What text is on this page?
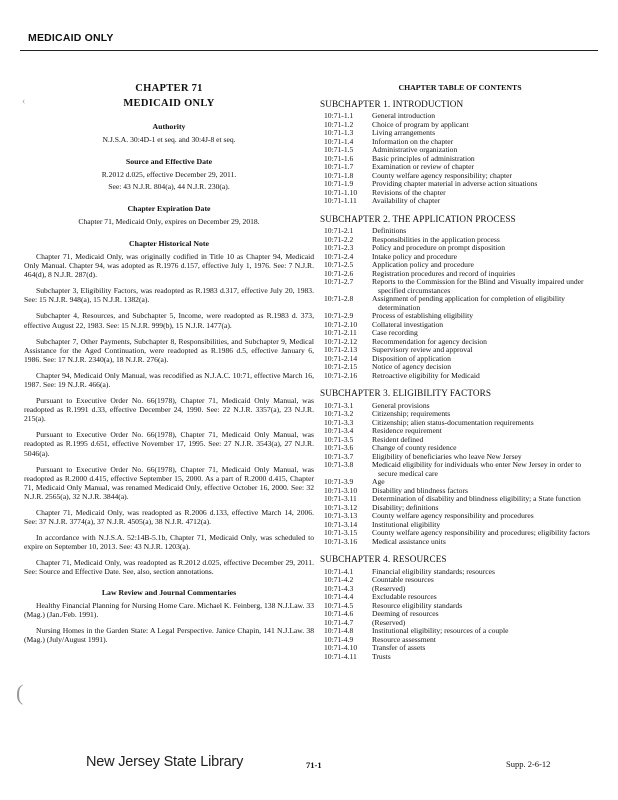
MEDICAID ONLY
‹
(
CHAPTER 71
MEDICAID ONLY
Authority
N.J.S.A. 30:4D-1 et seq. and 30:4J-8 et seq.
Source and Effective Date
R.2012 d.025, effective December 29, 2011.
See: 43 N.J.R. 804(a), 44 N.J.R. 230(a).
Chapter Expiration Date
Chapter 71, Medicaid Only, expires on December 29, 2018.
Chapter Historical Note
Chapter 71, Medicaid Only, was originally codified in Title 10 as Chapter 94, Medicaid Only Manual. Chapter 94, was adopted as R.1976 d.157, effective July 1, 1976. See: 7 N.J.R. 464(d), 8 N.J.R. 287(d).
Subchapter 3, Eligibility Factors, was readopted as R.1983 d.317, effective July 20, 1983. See: 15 N.J.R. 948(a), 15 N.J.R. 1382(a).
Subchapter 4, Resources, and Subchapter 5, Income, were readopted as R.1983 d. 373, effective August 22, 1983. See: 15 N.J.R. 999(b), 15 N.J.R. 1477(a).
Subchapter 7, Other Payments, Subchapter 8, Responsibilities, and Subchapter 9, Medical Assistance for the Aged Continuation, were readopted as R.1986 d.5, effective January 6, 1986. See: 17 N.J.R. 2340(a), 18 N.J.R. 276(a).
Chapter 94, Medicaid Only Manual, was recodified as N.J.A.C. 10:71, effective March 16, 1987. See: 19 N.J.R. 466(a).
Pursuant to Executive Order No. 66(1978), Chapter 71, Medicaid Only Manual, was readopted as R.1991 d.33, effective December 24, 1990. See: 22 N.J.R. 3357(a), 23 N.J.R. 215(a).
Pursuant to Executive Order No. 66(1978), Chapter 71, Medicaid Only Manual, was readopted as R.1995 d.651, effective November 17, 1995. See: 27 N.J.R. 3543(a), 27 N.J.R. 5046(a).
Pursuant to Executive Order No. 66(1978), Chapter 71, Medicaid Only Manual, was readopted as R.2000 d.415, effective September 15, 2000. As a part of R.2000 d.415, Chapter 71, Medicaid Only Manual, was renamed Medicaid Only, effective October 16, 2000. See: 32 N.J.R. 2565(a), 32 N.J.R. 3844(a).
Chapter 71, Medicaid Only, was readopted as R.2006 d.133, effective March 14, 2006. See: 37 N.J.R. 3774(a), 37 N.J.R. 4505(a), 38 N.J.R. 4712(a).
In accordance with N.J.S.A. 52:14B-5.1b, Chapter 71, Medicaid Only, was scheduled to expire on September 10, 2013. See: 43 N.J.R. 1203(a).
Chapter 71, Medicaid Only, was readopted as R.2012 d.025, effective December 29, 2011. See: Source and Effective Date. See, also, section annotations.
Law Review and Journal Commentaries
Healthy Financial Planning for Nursing Home Care. Michael K. Feinberg, 138 N.J.Law. 33 (Mag.) (Jan./Feb. 1991).
Nursing Homes in the Garden State: A Legal Perspective. Janice Chapin, 141 N.J.Law. 38 (Mag.) (July/August 1991).
CHAPTER TABLE OF CONTENTS
SUBCHAPTER 1. INTRODUCTION
10:71-1.1	General introduction
10:71-1.2	Choice of program by applicant
10:71-1.3	Living arrangements
10:71-1.4	Information on the chapter
10:71-1.5	Administrative organization
10:71-1.6	Basic principles of administration
10:71-1.7	Examination or review of chapter
10:71-1.8	County welfare agency responsibility; chapter
10:71-1.9	Providing chapter material in adverse action situations
10:71-1.10	Revisions of the chapter
10:71-1.11	Availability of chapter
SUBCHAPTER 2. THE APPLICATION PROCESS
10:71-2.1	Definitions
10:71-2.2	Responsibilities in the application process
10:71-2.3	Policy and procedure on prompt disposition
10:71-2.4	Intake policy and procedure
10:71-2.5	Application policy and procedure
10:71-2.6	Registration procedures and record of inquiries
10:71-2.7	Reports to the Commission for the Blind and Visually impaired under specified circumstances
10:71-2.8	Assignment of pending application for completion of eligibility determination
10:71-2.9	Process of establishing eligibility
10:71-2.10	Collateral investigation
10:71-2.11	Case recording
10:71-2.12	Recommendation for agency decision
10:71-2.13	Supervisory review and approval
10:71-2.14	Disposition of application
10:71-2.15	Notice of agency decision
10:71-2.16	Retroactive eligibility for Medicaid
SUBCHAPTER 3. ELIGIBILITY FACTORS
10:71-3.1	General provisions
10:71-3.2	Citizenship; requirements
10:71-3.3	Citizenship; alien status-documentation requirements
10:71-3.4	Residence requirement
10:71-3.5	Resident defined
10:71-3.6	Change of county residence
10:71-3.7	Eligibility of beneficiaries who leave New Jersey
10:71-3.8	Medicaid eligibility for individuals who enter New Jersey in order to secure medical care
10:71-3.9	Age
10:71-3.10	Disability and blindness factors
10:71-3.11	Determination of disability and blindness eligibility; a State function
10:71-3.12	Disability; definitions
10:71-3.13	County welfare agency responsibility and procedures
10:71-3.14	Institutional eligibility
10:71-3.15	County welfare agency responsibility and procedures; eligibility factors
10:71-3.16	Medical assistance units
SUBCHAPTER 4. RESOURCES
10:71-4.1	Financial eligibility standards; resources
10:71-4.2	Countable resources
10:71-4.3	(Reserved)
10:71-4.4	Excludable resources
10:71-4.5	Resource eligibility standards
10:71-4.6	Deeming of resources
10:71-4.7	(Reserved)
10:71-4.8	Institutional eligibility; resources of a couple
10:71-4.9	Resource assessment
10:71-4.10	Transfer of assets
10:71-4.11	Trusts
New Jersey State Library	71-1	Supp. 2-6-12
